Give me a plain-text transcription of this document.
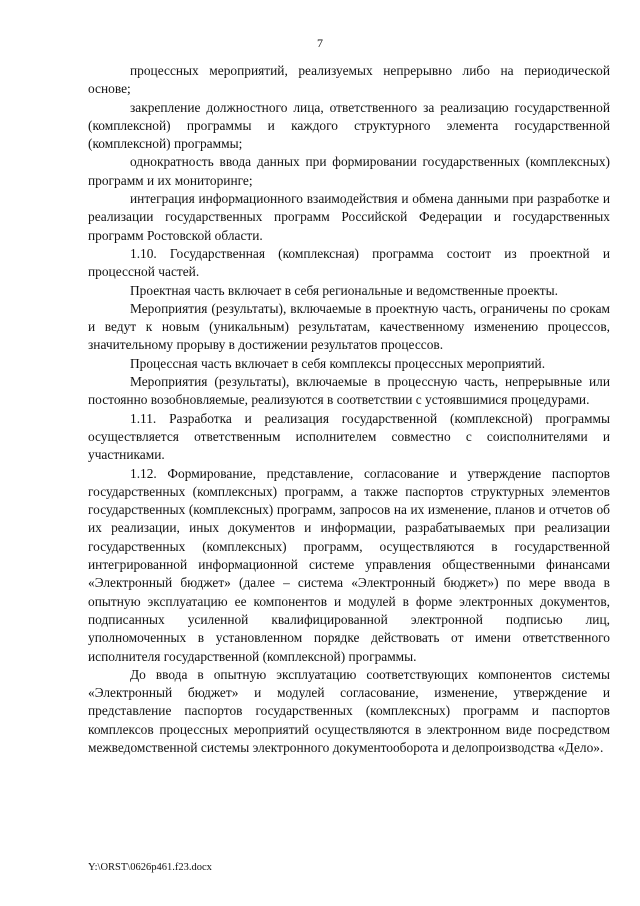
7

процессных мероприятий, реализуемых непрерывно либо на периодической основе;

закрепление должностного лица, ответственного за реализацию государственной (комплексной) программы и каждого структурного элемента государственной (комплексной) программы;

однократность ввода данных при формировании государственных (комплексных) программ и их мониторинге;

интеграция информационного взаимодействия и обмена данными при разработке и реализации государственных программ Российской Федерации и государственных программ Ростовской области.

1.10. Государственная (комплексная) программа состоит из проектной и процессной частей.

Проектная часть включает в себя региональные и ведомственные проекты.

Мероприятия (результаты), включаемые в проектную часть, ограничены по срокам и ведут к новым (уникальным) результатам, качественному изменению процессов, значительному прорыву в достижении результатов процессов.

Процессная часть включает в себя комплексы процессных мероприятий.

Мероприятия (результаты), включаемые в процессную часть, непрерывные или постоянно возобновляемые, реализуются в соответствии с устоявшимися процедурами.

1.11. Разработка и реализация государственной (комплексной) программы осуществляется ответственным исполнителем совместно с соисполнителями и участниками.

1.12. Формирование, представление, согласование и утверждение паспортов государственных (комплексных) программ, а также паспортов структурных элементов государственных (комплексных) программ, запросов на их изменение, планов и отчетов об их реализации, иных документов и информации, разрабатываемых при реализации государственных (комплексных) программ, осуществляются в государственной интегрированной информационной системе управления общественными финансами «Электронный бюджет» (далее – система «Электронный бюджет») по мере ввода в опытную эксплуатацию ее компонентов и модулей в форме электронных документов, подписанных усиленной квалифицированной электронной подписью лиц, уполномоченных в установленном порядке действовать от имени ответственного исполнителя государственной (комплексной) программы.

До ввода в опытную эксплуатацию соответствующих компонентов системы «Электронный бюджет» и модулей согласование, изменение, утверждение и представление паспортов государственных (комплексных) программ и паспортов комплексов процессных мероприятий осуществляются в электронном виде посредством межведомственной системы электронного документооборота и делопроизводства «Дело».

Y:\ORST\0626p461.f23.docx
